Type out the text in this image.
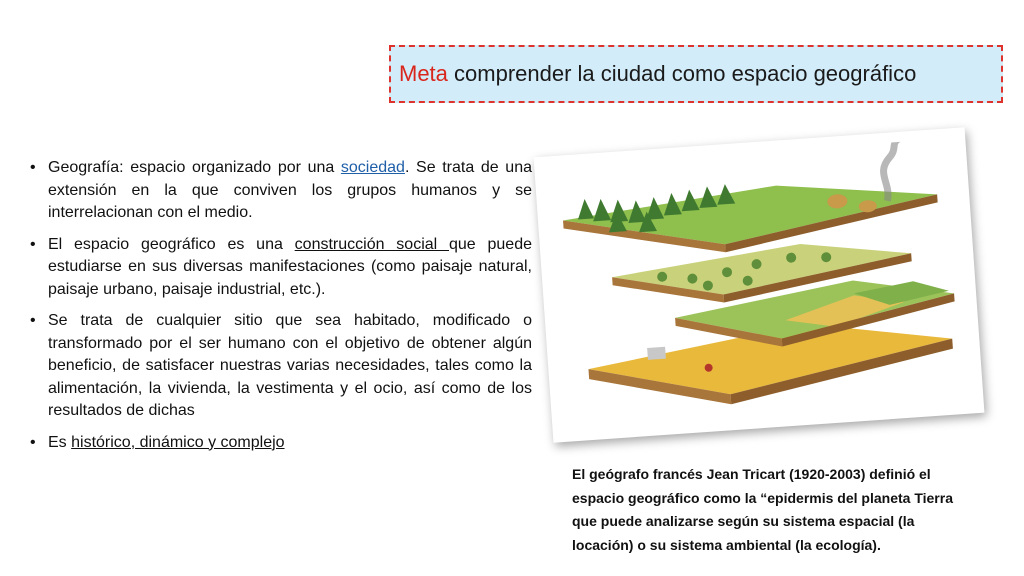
Meta comprender la ciudad como espacio geográfico
• Geografía: espacio organizado por una sociedad. Se trata de una extensión en la que conviven los grupos humanos y se interrelacionan con el medio.
• El espacio geográfico es una construcción social que puede estudiarse en sus diversas manifestaciones (como paisaje natural, paisaje urbano, paisaje industrial, etc.).
• Se trata de cualquier sitio que sea habitado, modificado o transformado por el ser humano con el objetivo de obtener algún beneficio, de satisfacer nuestras varias necesidades, tales como la alimentación, la vivienda, la vestimenta y el ocio, así como de los resultados de dichas
• Es histórico, dinámico y complejo
El geógrafo francés Jean Tricart (1920-2003) definió el
espacio geográfico como la “epidermis del planeta Tierra
que puede analizarse según su sistema espacial (la
locación) o su sistema ambiental (la ecología).
